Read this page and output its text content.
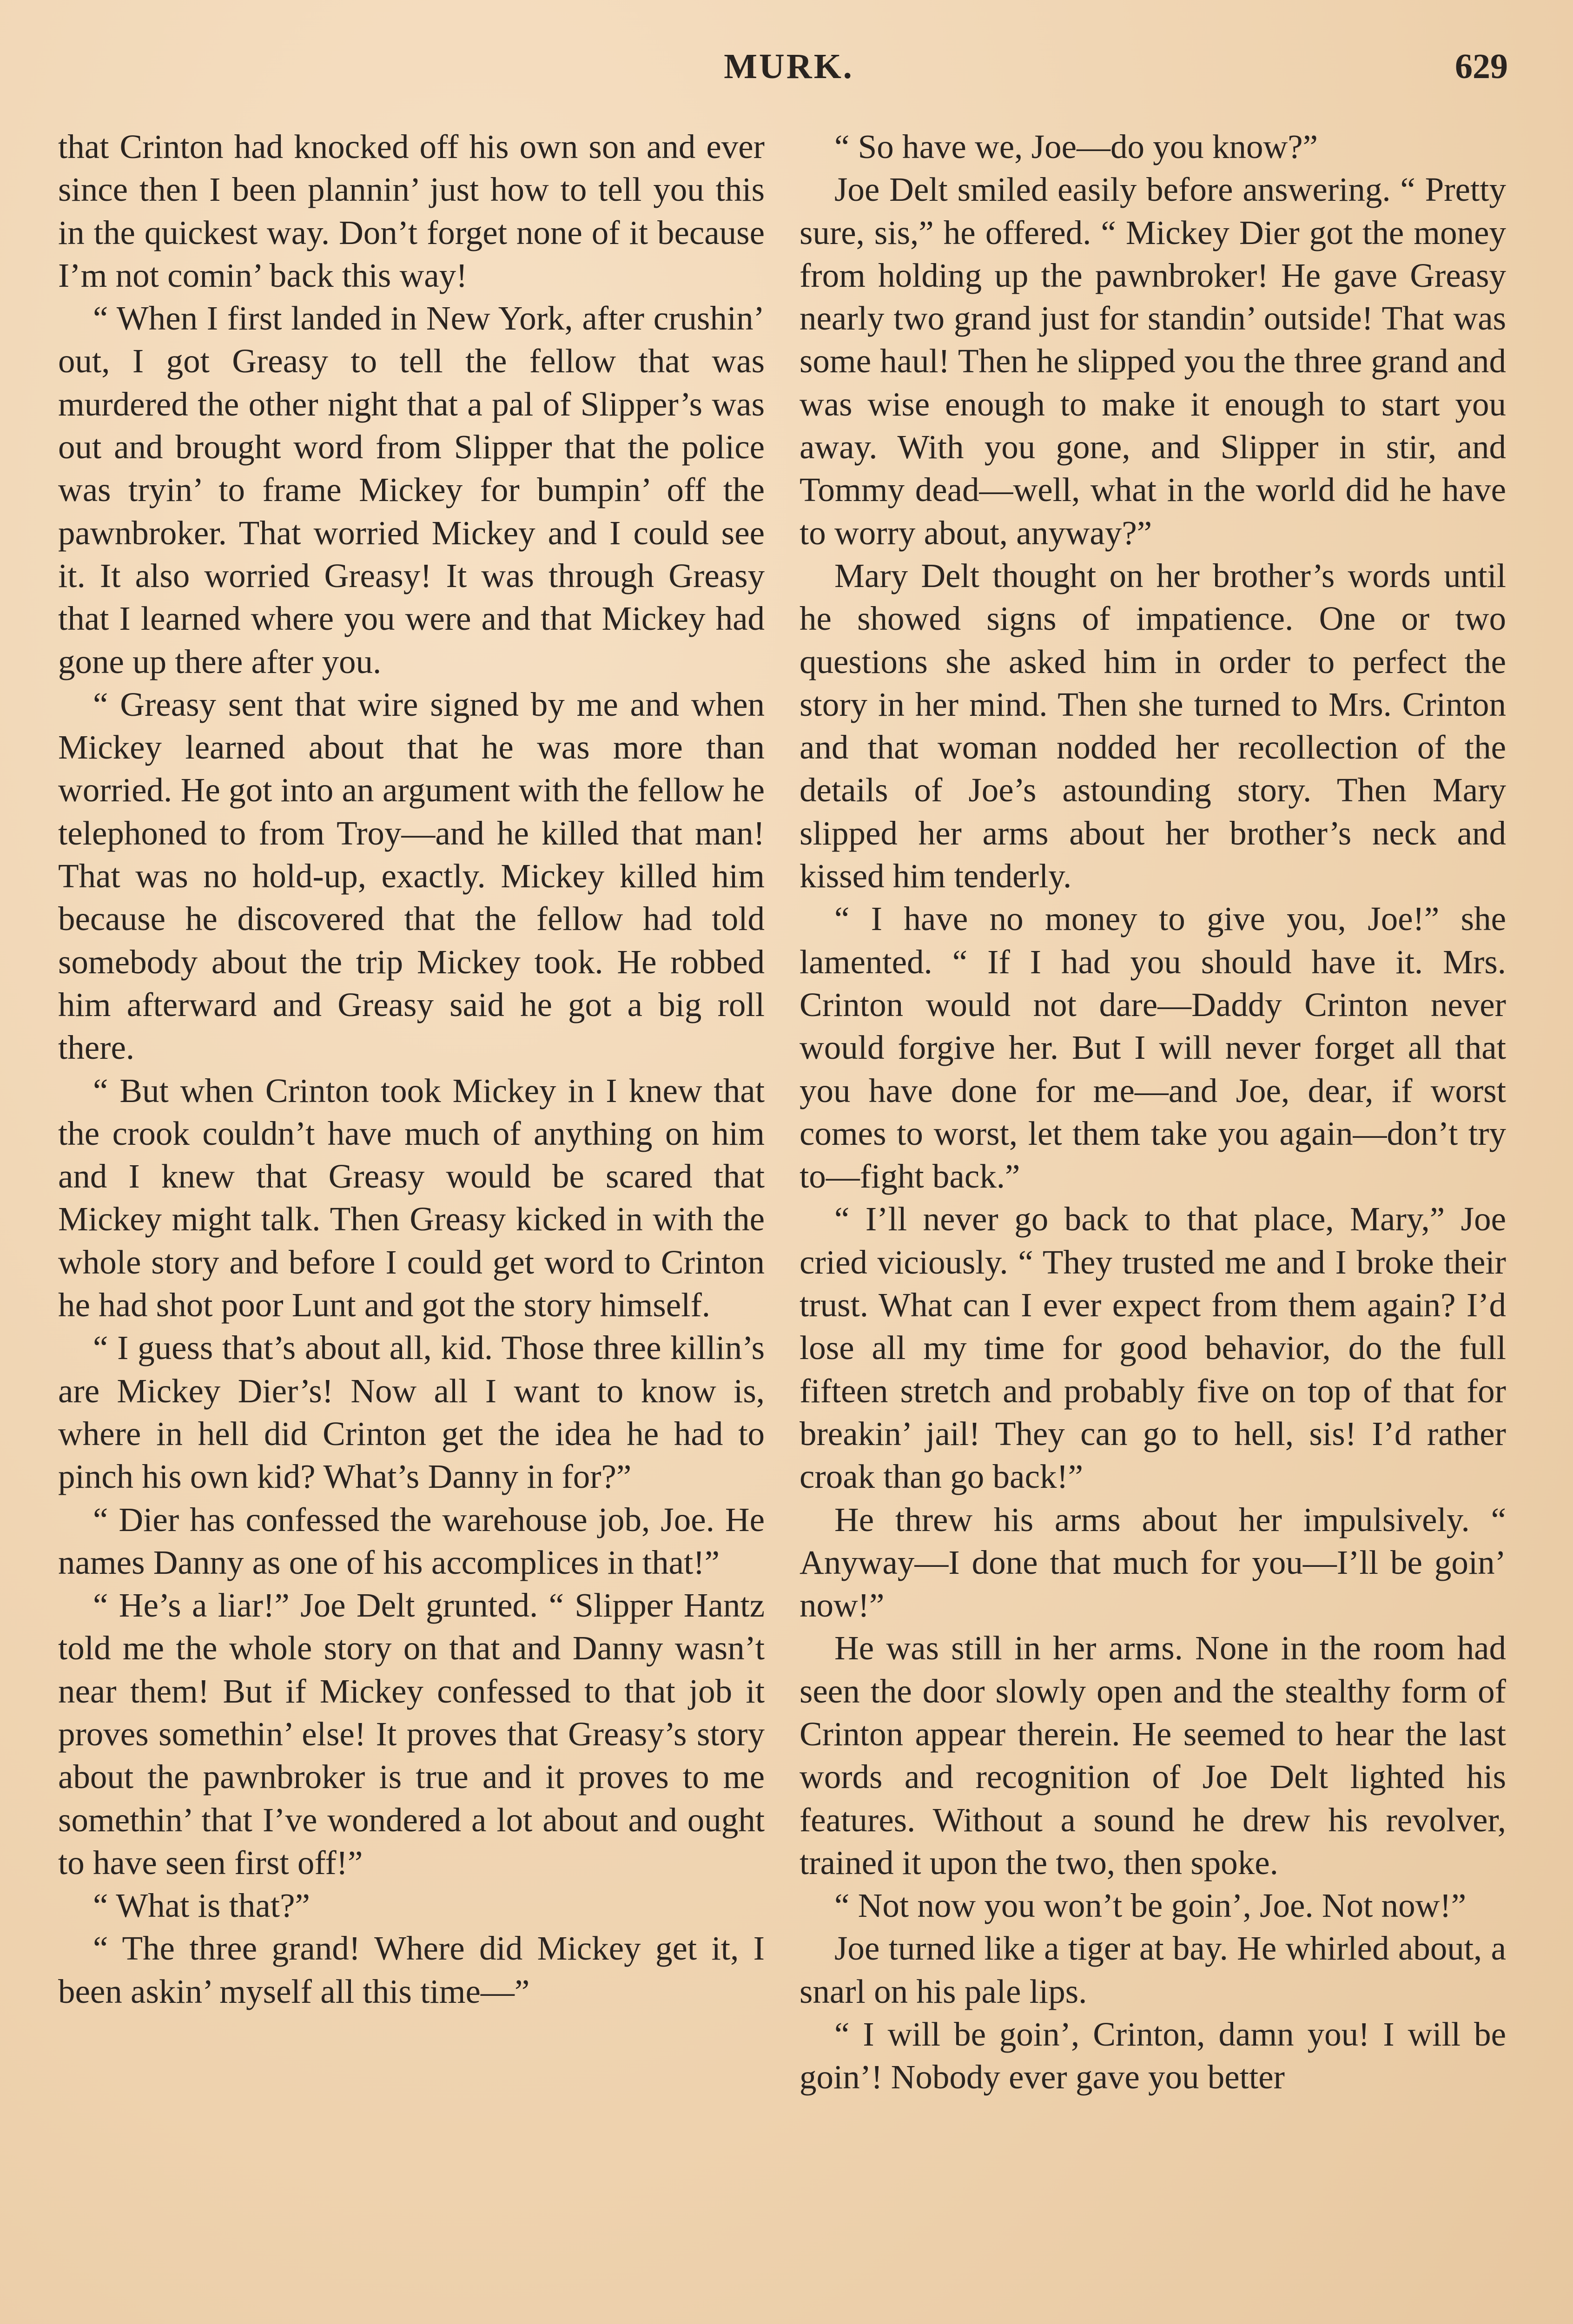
MURK.	629

that Crinton had knocked off his own son and ever since then I been plannin’ just how to tell you this in the quickest way. Don’t forget none of it because I’m not comin’ back this way!

“ When I first landed in New York, after crushin’ out, I got Greasy to tell the fellow that was murdered the other night that a pal of Slipper’s was out and brought word from Slipper that the police was tryin’ to frame Mickey for bumpin’ off the pawnbroker. That worried Mickey and I could see it. It also worried Greasy! It was through Greasy that I learned where you were and that Mickey had gone up there after you.

“ Greasy sent that wire signed by me and when Mickey learned about that he was more than worried. He got into an argument with the fellow he telephoned to from Troy—and he killed that man! That was no hold-up, exactly. Mickey killed him because he discovered that the fellow had told somebody about the trip Mickey took. He robbed him afterward and Greasy said he got a big roll there.

“ But when Crinton took Mickey in I knew that the crook couldn’t have much of anything on him and I knew that Greasy would be scared that Mickey might talk. Then Greasy kicked in with the whole story and before I could get word to Crinton he had shot poor Lunt and got the story himself.

“ I guess that’s about all, kid. Those three killin’s are Mickey Dier’s! Now all I want to know is, where in hell did Crinton get the idea he had to pinch his own kid? What’s Danny in for?”

“ Dier has confessed the warehouse job, Joe. He names Danny as one of his accomplices in that!”

“ He’s a liar!” Joe Delt grunted. “ Slipper Hantz told me the whole story on that and Danny wasn’t near them! But if Mickey confessed to that job it proves somethin’ else! It proves that Greasy’s story about the pawnbroker is true and it proves to me somethin’ that I’ve wondered a lot about and ought to have seen first off!”

“ What is that?”

“ The three grand! Where did Mickey get it, I been askin’ myself all this time—”

“ So have we, Joe—do you know?”

Joe Delt smiled easily before answering. “ Pretty sure, sis,” he offered. “ Mickey Dier got the money from holding up the pawnbroker! He gave Greasy nearly two grand just for standin’ outside! That was some haul! Then he slipped you the three grand and was wise enough to make it enough to start you away. With you gone, and Slipper in stir, and Tommy dead—well, what in the world did he have to worry about, anyway?”

Mary Delt thought on her brother’s words until he showed signs of impatience. One or two questions she asked him in order to perfect the story in her mind. Then she turned to Mrs. Crinton and that woman nodded her recollection of the details of Joe’s astounding story. Then Mary slipped her arms about her brother’s neck and kissed him tenderly.

“ I have no money to give you, Joe!” she lamented. “ If I had you should have it. Mrs. Crinton would not dare—Daddy Crinton never would forgive her. But I will never forget all that you have done for me—and Joe, dear, if worst comes to worst, let them take you again—don’t try to—fight back.”

“ I’ll never go back to that place, Mary,” Joe cried viciously. “ They trusted me and I broke their trust. What can I ever expect from them again? I’d lose all my time for good behavior, do the full fifteen stretch and probably five on top of that for breakin’ jail! They can go to hell, sis! I’d rather croak than go back!”

He threw his arms about her impulsively. “ Anyway—I done that much for you—I’ll be goin’ now!”

He was still in her arms. None in the room had seen the door slowly open and the stealthy form of Crinton appear therein. He seemed to hear the last words and recognition of Joe Delt lighted his features. Without a sound he drew his revolver, trained it upon the two, then spoke.

“ Not now you won’t be goin’, Joe. Not now!”

Joe turned like a tiger at bay. He whirled about, a snarl on his pale lips.

“ I will be goin’, Crinton, damn you! I will be goin’! Nobody ever gave you better
